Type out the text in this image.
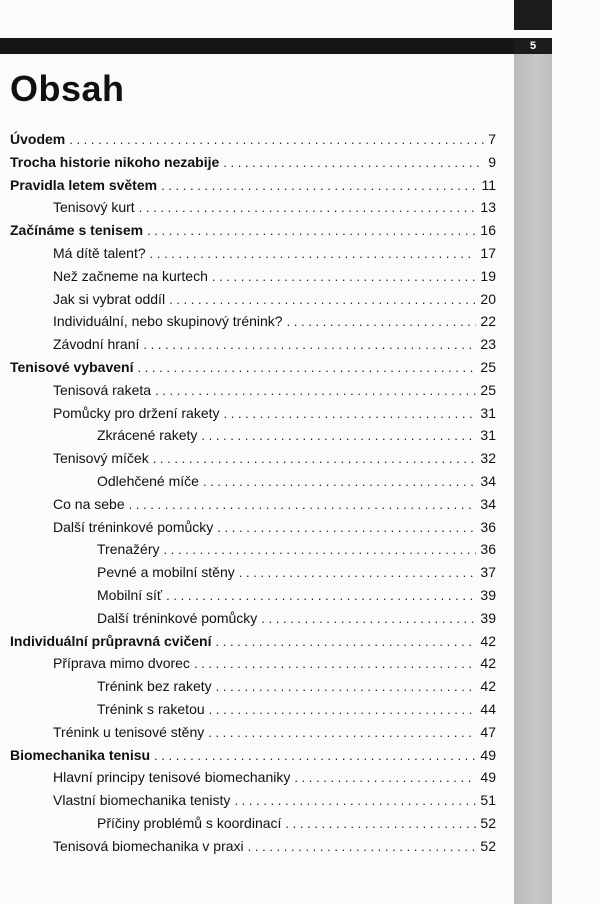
5
Obsah
Úvodem . . .	7
Trocha historie nikoho nezabije . . .	9
Pravidla letem světem . . .	11
Tenisový kurt . . .	13
Začínáme s tenisem . . .	16
Má dítě talent? . . .	17
Než začneme na kurtech . . .	19
Jak si vybrat oddíl . . .	20
Individuální, nebo skupinový trénink? . . .	22
Závodní hraní . . .	23
Tenisové vybavení . . .	25
Tenisová raketa . . .	25
Pomůcky pro držení rakety . . .	31
Zkrácené rakety . . .	31
Tenisový míček . . .	32
Odlehčené míče . . .	34
Co na sebe . . .	34
Další tréninkové pomůcky . . .	36
Trenažéry . . .	36
Pevné a mobilní stěny . . .	37
Mobilní síť . . .	39
Další tréninkové pomůcky . . .	39
Individuální průpravná cvičení . . .	42
Příprava mimo dvorec . . .	42
Trénink bez rakety . . .	42
Trénink s raketou . . .	44
Trénink u tenisové stěny . . .	47
Biomechanika tenisu . . .	49
Hlavní principy tenisové biomechaniky . . .	49
Vlastní biomechanika tenisty . . .	51
Příčiny problémů s koordinací . . .	52
Tenisová biomechanika v praxi . . .	52
